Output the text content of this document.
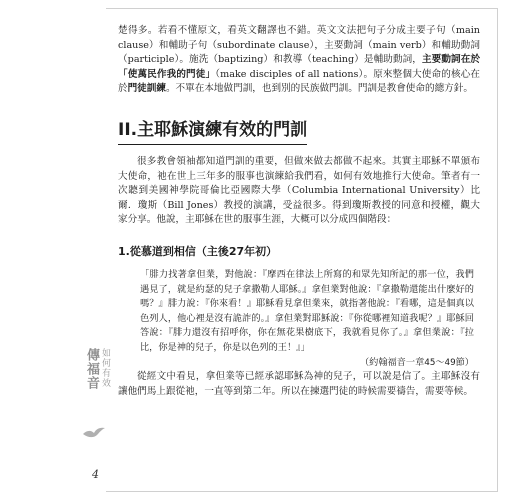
如何有效
傳福音
4

楚得多。若看不懂原文，看英文翻譯也不錯。英文文法把句子分成主要子句（main clause）和輔助子句（subordinate clause），主要動詞（main verb）和輔助動詞（participle）。施洗（baptizing）和教導（teaching）是輔助動詞，主要動詞在於「使萬民作我的門徒」（make disciples of all nations）。原來整個大使命的核心在於門徒訓練。不單在本地做門訓，也到別的民族做門訓。門訓是教會使命的總方針。

II.主耶穌演練有效的門訓

很多教會領袖都知道門訓的重要，但做來做去都做不起來。其實主耶穌不單頒布大使命，祂在世上三年多的服事也演練給我們看，如何有效地推行大使命。筆者有一次聽到美國神學院哥倫比亞國際大學（Columbia International University）比爾．瓊斯（Bill Jones）教授的演講，受益很多。得到瓊斯教授的同意和授權，觀大家分享。他說，主耶穌在世的服事生涯，大概可以分成四個階段：

1.從慕道到相信（主後27年初）
「腓力找著拿但業，對他說：『摩西在律法上所寫的和眾先知所記的那一位，我們遇見了，就是約瑟的兒子拿撒勒人耶穌。』拿但業對他說：『拿撒勒還能出什麼好的嗎？』腓力說：『你來看！』耶穌看見拿但業來，就指著他說：『看哪，這是個真以色列人，他心裡是沒有詭詐的。』拿但業對耶穌說：『你從哪裡知道我呢？』耶穌回答說：『腓力還沒有招呼你，你在無花果樹底下，我就看見你了。』拿但業說：『拉比，你是神的兒子，你是以色列的王！』」
（約翰福音一章45～49節）

從經文中看見，拿但業等已經承認耶穌為神的兒子，可以說是信了。主耶穌沒有讓他們馬上跟從祂，一直等到第二年。所以在揀選門徒的時候需要禱告，需要等候。
